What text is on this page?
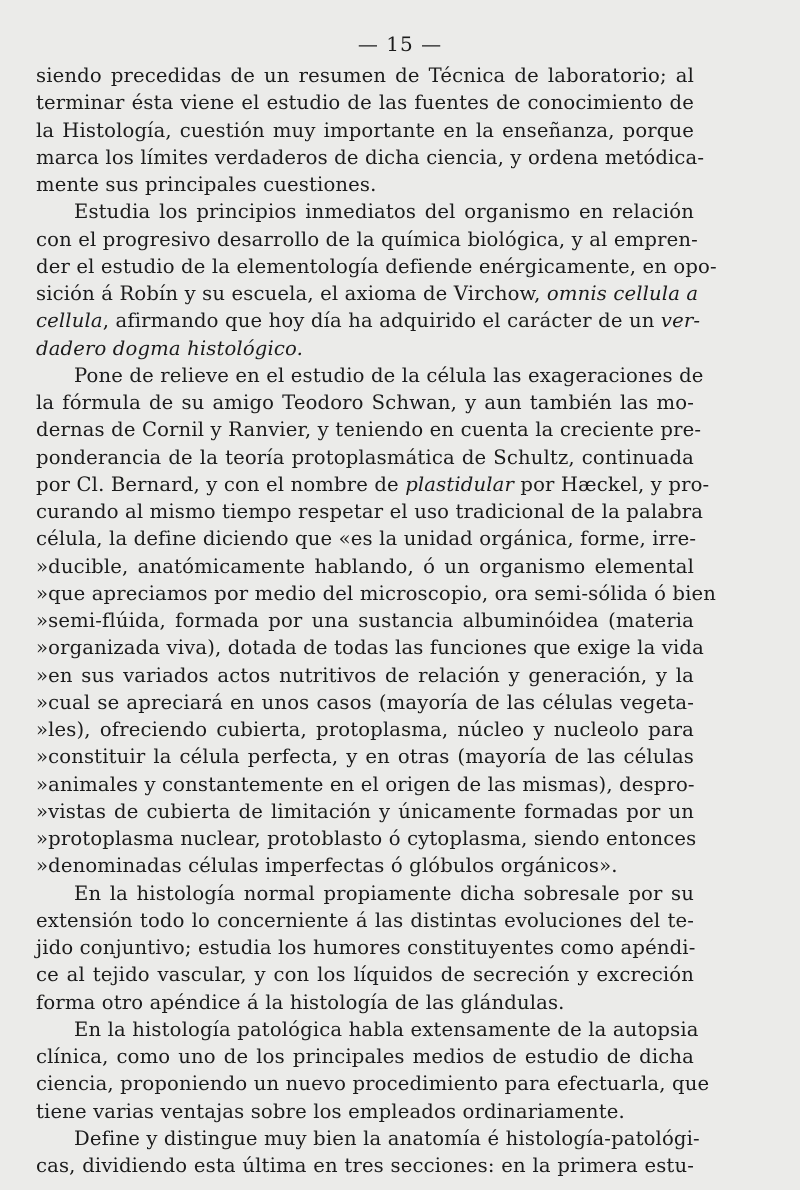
— 15 —

siendo precedidas de un resumen de Técnica de laboratorio; al
terminar ésta viene el estudio de las fuentes de conocimiento de
la Histología, cuestión muy importante en la enseñanza, porque
marca los límites verdaderos de dicha ciencia, y ordena metódica-
mente sus principales cuestiones.

Estudia los principios inmediatos del organismo en relación
con el progresivo desarrollo de la química biológica, y al empren-
der el estudio de la elementología defiende enérgicamente, en opo-
sición á Robín y su escuela, el axioma de Virchow, omnis cellula a
cellula, afirmando que hoy día ha adquirido el carácter de un ver-
dadero dogma histológico.

Pone de relieve en el estudio de la célula las exageraciones de
la fórmula de su amigo Teodoro Schwan, y aun también las mo-
dernas de Cornil y Ranvier, y teniendo en cuenta la creciente pre-
ponderancia de la teoría protoplasmática de Schultz, continuada
por Cl. Bernard, y con el nombre de plastidular por Hæckel, y pro-
curando al mismo tiempo respetar el uso tradicional de la palabra
célula, la define diciendo que «es la unidad orgánica, forme, irre-
»ducible, anatómicamente hablando, ó un organismo elemental
»que apreciamos por medio del microscopio, ora semi-sólida ó bien
»semi-flúida, formada por una sustancia albuminóidea (materia
»organizada viva), dotada de todas las funciones que exige la vida
»en sus variados actos nutritivos de relación y generación, y la
»cual se apreciará en unos casos (mayoría de las células vegeta-
»les), ofreciendo cubierta, protoplasma, núcleo y nucleolo para
»constituir la célula perfecta, y en otras (mayoría de las células
»animales y constantemente en el origen de las mismas), despro-
»vistas de cubierta de limitación y únicamente formadas por un
»protoplasma nuclear, protoblasto ó cytoplasma, siendo entonces
»denominadas células imperfectas ó glóbulos orgánicos».

En la histología normal propiamente dicha sobresale por su
extensión todo lo concerniente á las distintas evoluciones del te-
jido conjuntivo; estudia los humores constituyentes como apéndi-
ce al tejido vascular, y con los líquidos de secreción y excreción
forma otro apéndice á la histología de las glándulas.

En la histología patológica habla extensamente de la autopsia
clínica, como uno de los principales medios de estudio de dicha
ciencia, proponiendo un nuevo procedimiento para efectuarla, que
tiene varias ventajas sobre los empleados ordinariamente.

Define y distingue muy bien la anatomía é histología-patológi-
cas, dividiendo esta última en tres secciones: en la primera estu-
